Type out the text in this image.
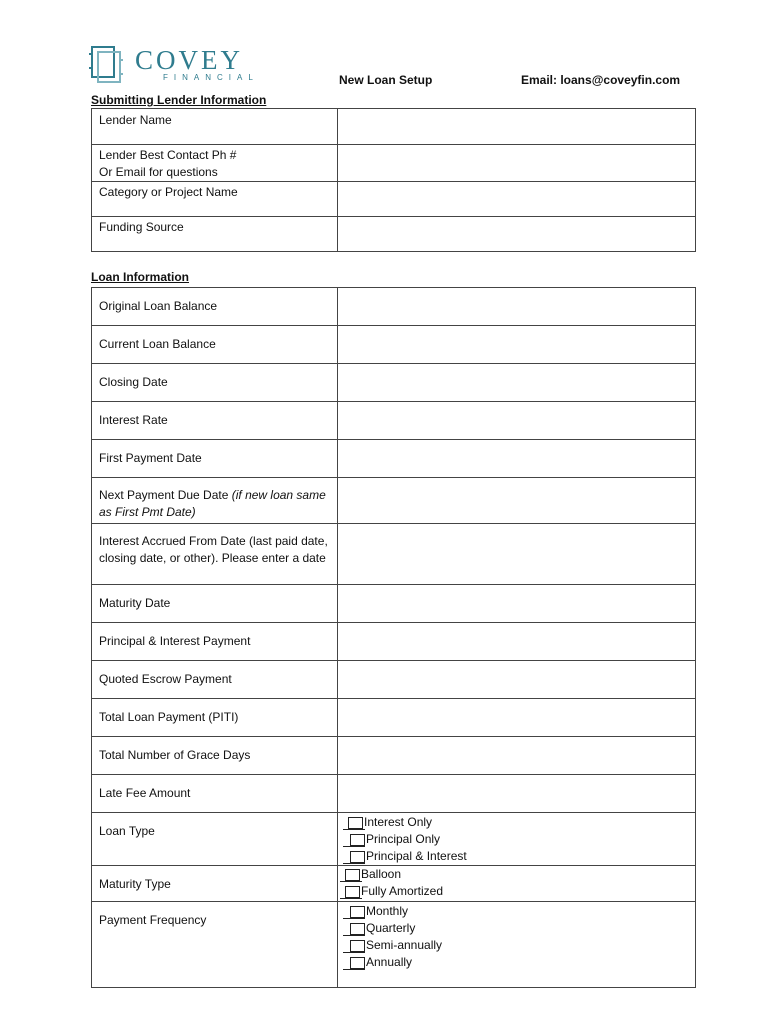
COVEY
FINANCIAL	New Loan Setup	Email: loans@coveyfin.com
Submitting Lender Information
Lender Name	

Lender Best Contact Ph #
Or Email for questions	

Category or Project Name	
Funding Source	
Loan Information
Original Loan Balance	
Current Loan Balance	
Closing Date	
Interest Rate	
First Payment Date	
Next Payment Due Date (if new loan same as First Pmt Date)	
Interest Accrued From Date (last paid date, closing date, or other). Please enter a date	
Maturity Date	
Principal & Interest Payment	
Quoted Escrow Payment	
Total Loan Payment (PITI)	
Total Number of Grace Days	
Late Fee Amount	
Loan Type	Interest Only
Principal Only
Principal & Interest

Maturity Type	Balloon
Fully Amortized

Payment Frequency	Monthly
Quarterly
Semi-annually
Annually
